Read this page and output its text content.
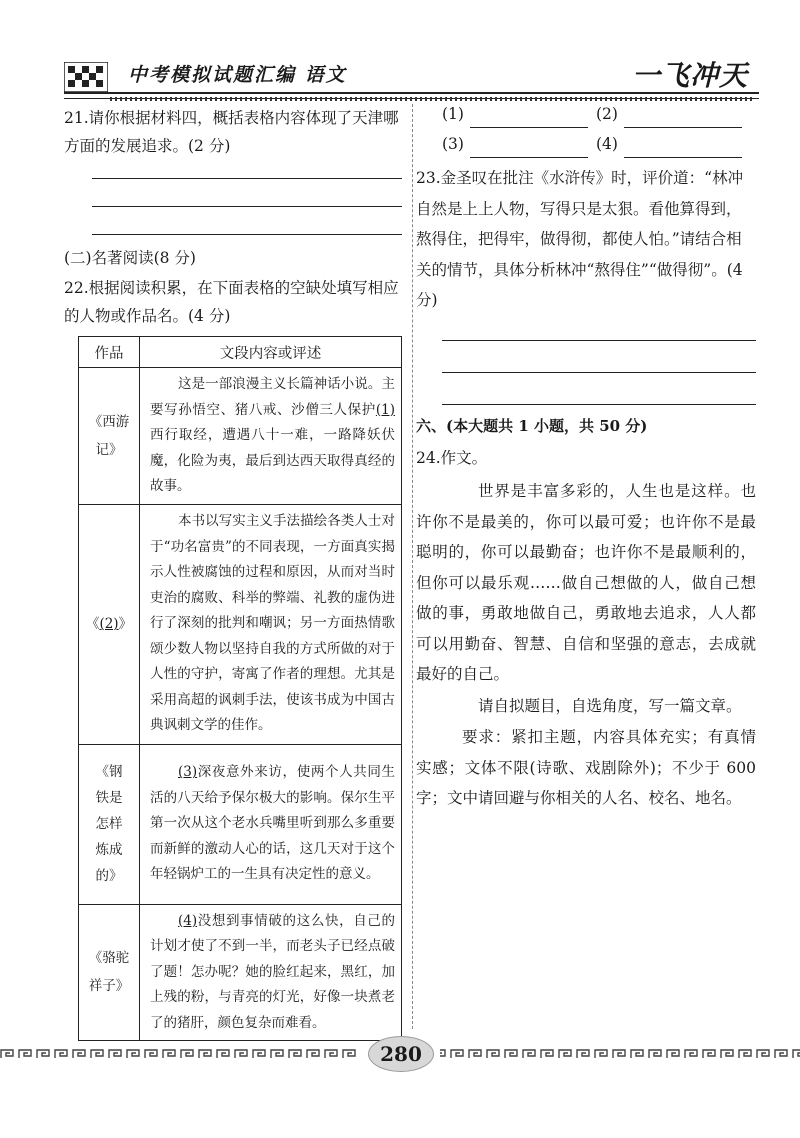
中考模拟试题汇编 语文	一飞冲天
21.请你根据材料四，概括表格内容体现了天津哪方面的发展追求。(2 分)
(二)名著阅读(8 分)
22.根据阅读积累，在下面表格的空缺处填写相应的人物或作品名。(4 分)
作品	文段内容或评述
《西游记》	这是一部浪漫主义长篇神话小说。主要写孙悟空、猪八戒、沙僧三人保护(1)西行取经，遭遇八十一难，一路降妖伏魔，化险为夷，最后到达西天取得真经的故事。
《(2)》	本书以写实主义手法描绘各类人士对于“功名富贵”的不同表现，一方面真实揭示人性被腐蚀的过程和原因，从而对当时吏治的腐败、科举的弊端、礼教的虚伪进行了深刻的批判和嘲讽；另一方面热情歌颂少数人物以坚持自我的方式所做的对于人性的守护，寄寓了作者的理想。尤其是采用高超的讽刺手法，使该书成为中国古典讽刺文学的佳作。

《钢铁是怎样炼成的》	(3)深夜意外来访，使两个人共同生活的八天给予保尔极大的影响。保尔生平第一次从这个老水兵嘴里听到那么多重要而新鲜的激动人心的话，这几天对于这个年轻锅炉工的一生具有决定性的意义。

《骆驼祥子》	(4)没想到事情破的这么快，自己的计划才使了不到一半，而老头子已经点破了题！怎办呢？她的脸红起来，黑红，加上残的粉，与青亮的灯光，好像一块煮老了的猪肝，颜色复杂而难看。
(1)	(2)
(3)	(4)
23.金圣叹在批注《水浒传》时，评价道：“林冲自然是上上人物，写得只是太狠。看他算得到，熬得住，把得牢，做得彻，都使人怕。”请结合相关的情节，具体分析林冲“熬得住”“做得彻”。(4 分)
六、(本大题共 1 小题，共 50 分)
24.作文。
世界是丰富多彩的，人生也是这样。也许你不是最美的，你可以最可爱；也许你不是最聪明的，你可以最勤奋；也许你不是最顺利的，但你可以最乐观……做自己想做的人，做自己想做的事，勇敢地做自己，勇敢地去追求，人人都可以用勤奋、智慧、自信和坚强的意志，去成就最好的自己。
请自拟题目，自选角度，写一篇文章。
要求：紧扣主题，内容具体充实；有真情实感；文体不限(诗歌、戏剧除外)；不少于 600 字；文中请回避与你相关的人名、校名、地名。
280
